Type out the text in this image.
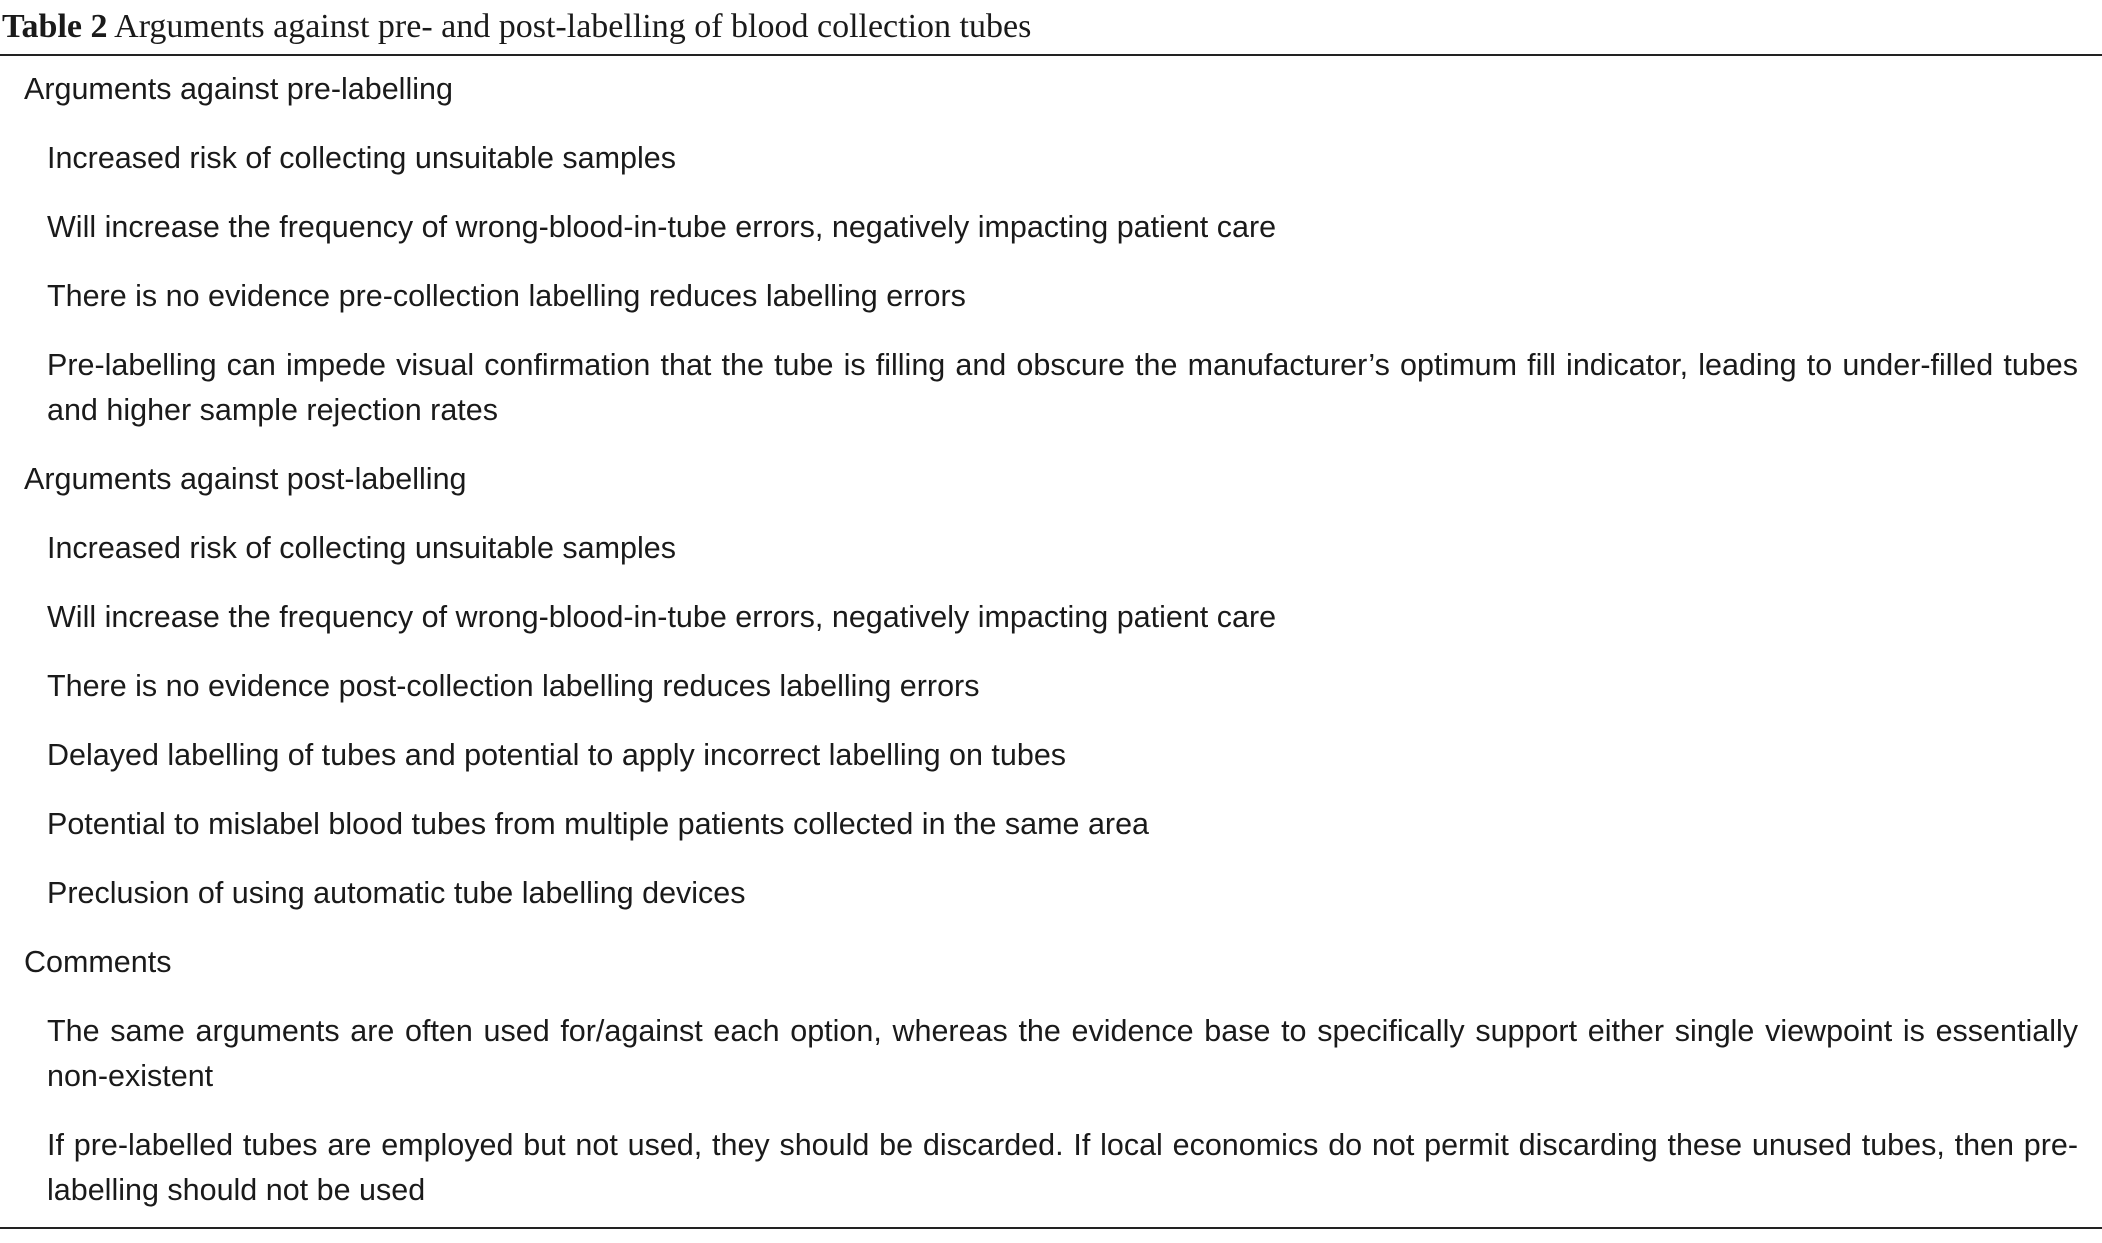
Table 2 Arguments against pre- and post-labelling of blood collection tubes
Arguments against pre-labelling
Increased risk of collecting unsuitable samples
Will increase the frequency of wrong-blood-in-tube errors, negatively impacting patient care
There is no evidence pre-collection labelling reduces labelling errors
Pre-labelling can impede visual confirmation that the tube is filling and obscure the manufacturer’s optimum fill indicator, leading to under-filled tubes and higher sample rejection rates
Arguments against post-labelling
Increased risk of collecting unsuitable samples
Will increase the frequency of wrong-blood-in-tube errors, negatively impacting patient care
There is no evidence post-collection labelling reduces labelling errors
Delayed labelling of tubes and potential to apply incorrect labelling on tubes
Potential to mislabel blood tubes from multiple patients collected in the same area
Preclusion of using automatic tube labelling devices
Comments
The same arguments are often used for/against each option, whereas the evidence base to specifically support either single viewpoint is essentially non-existent
If pre-labelled tubes are employed but not used, they should be discarded. If local economics do not permit discarding these unused tubes, then pre-labelling should not be used
